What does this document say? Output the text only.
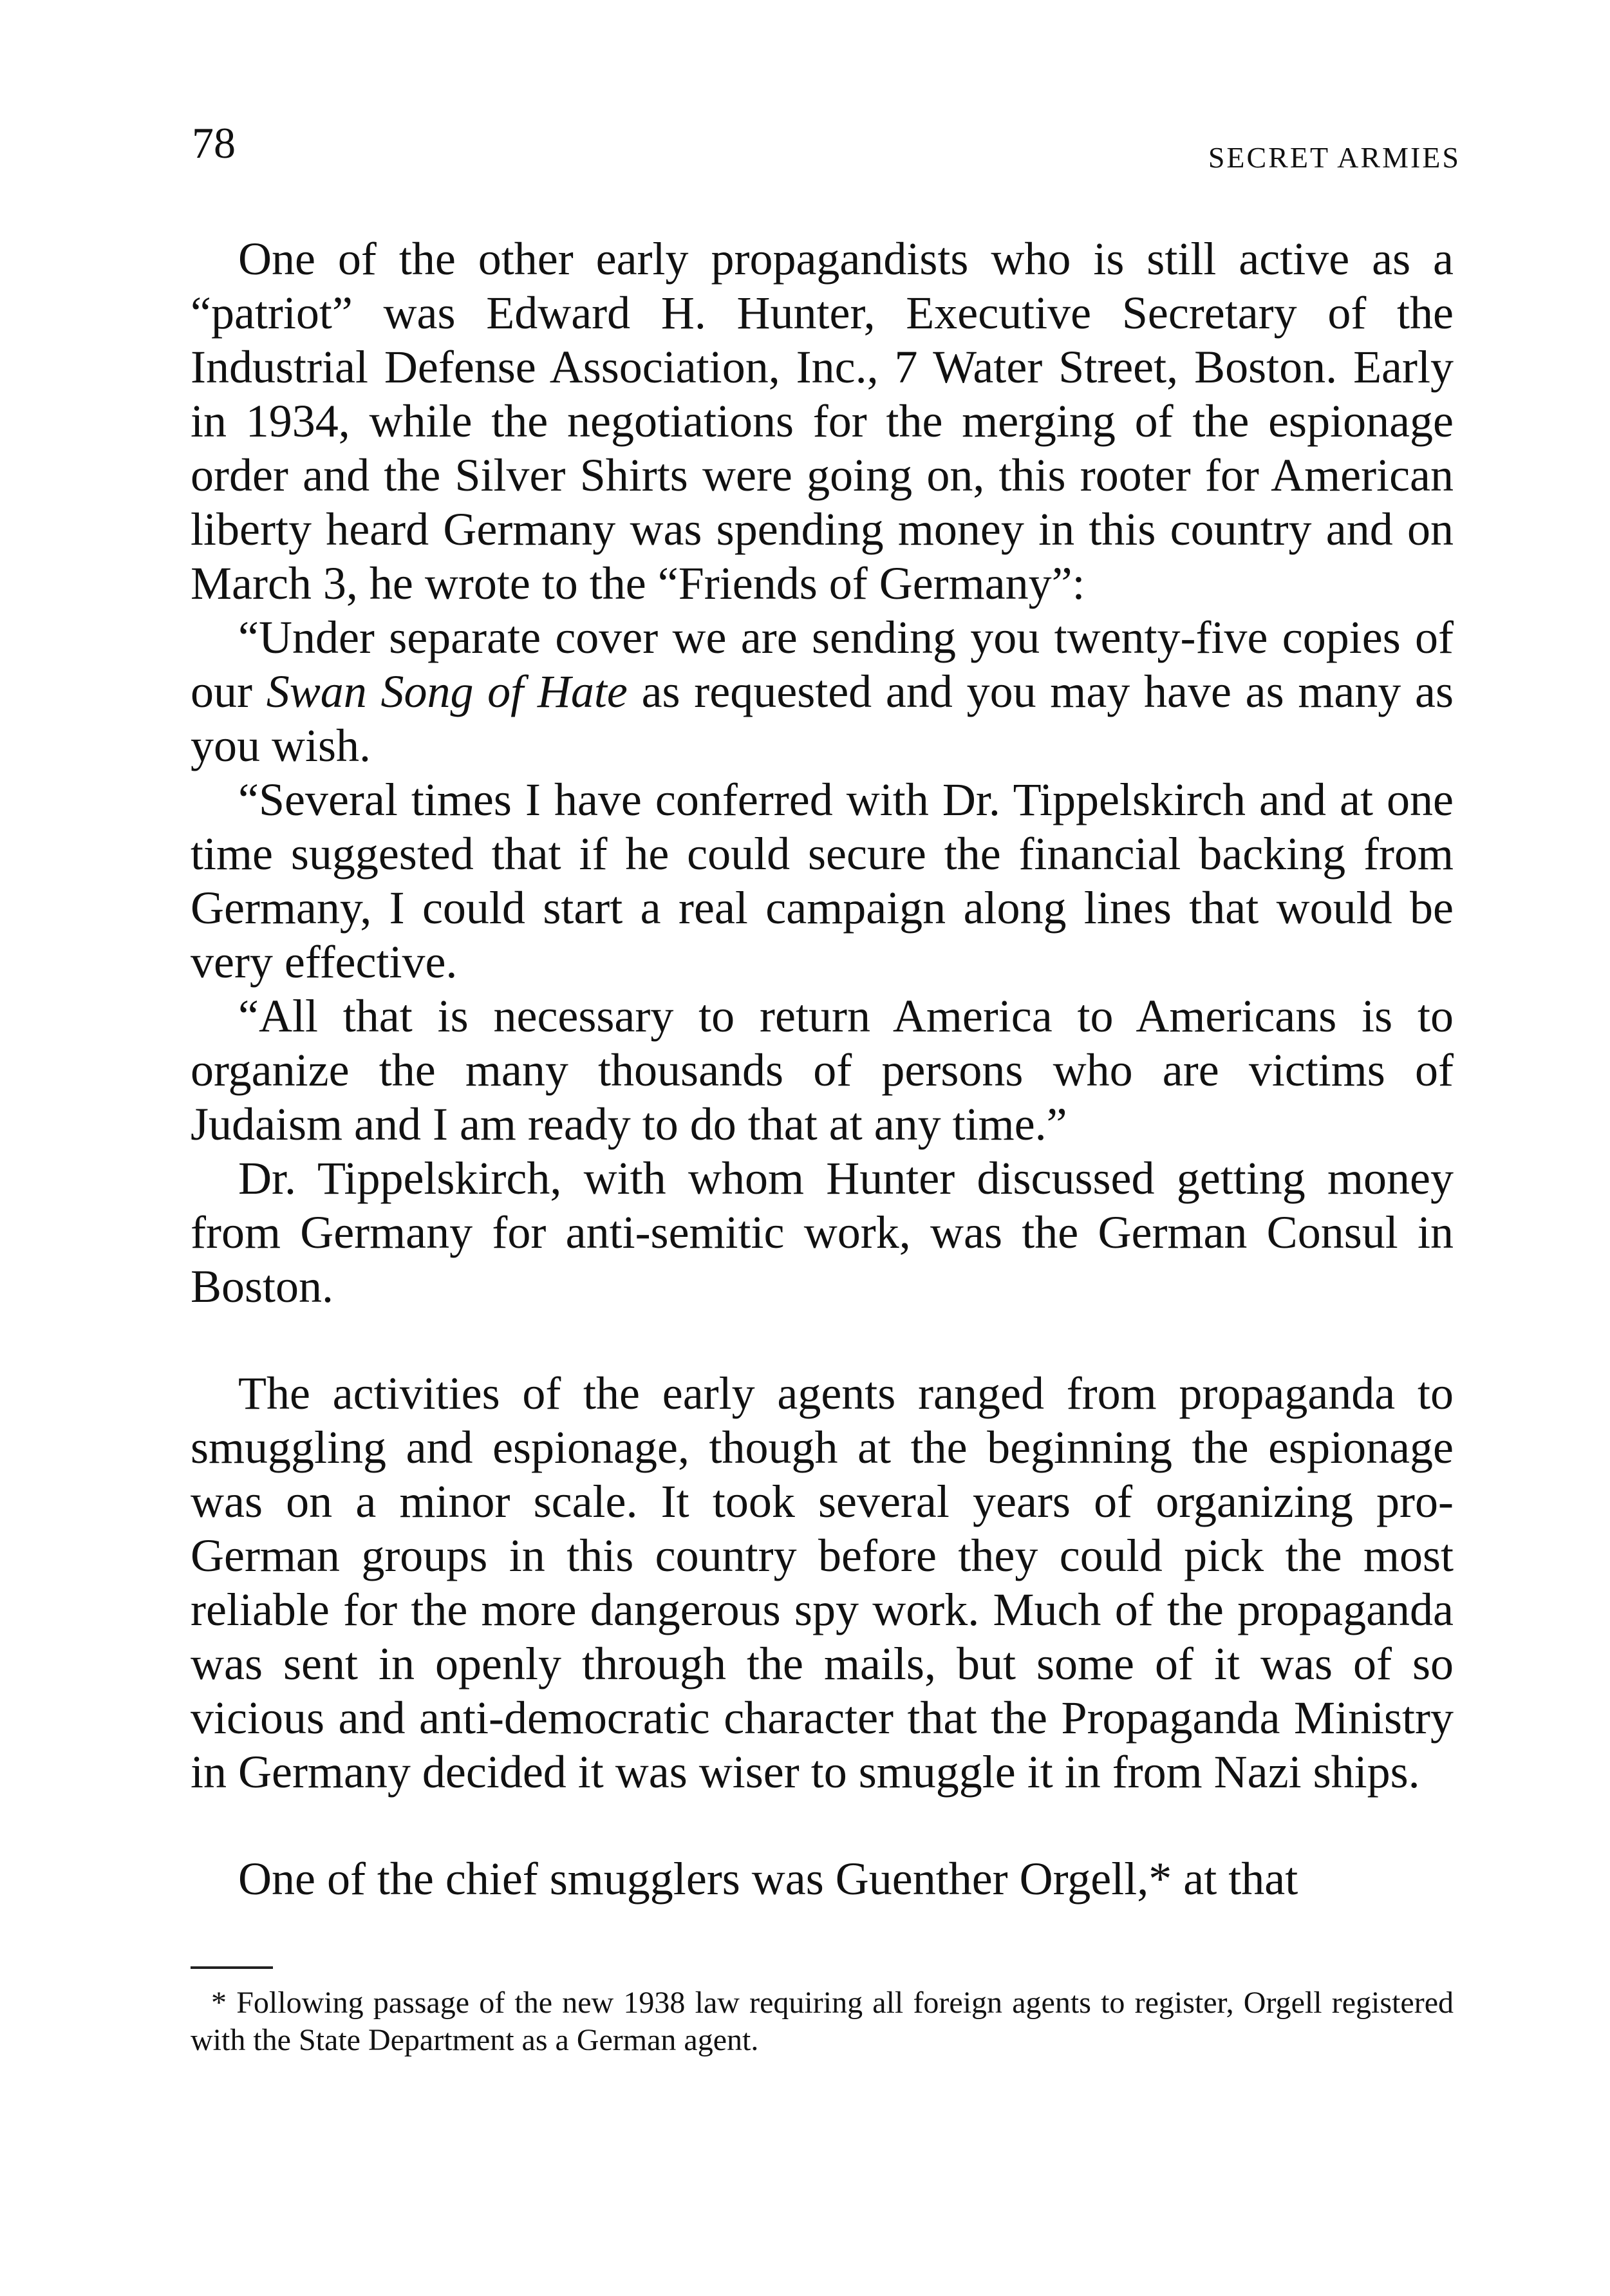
78	SECRET ARMIES

One of the other early propagandists who is still active as a “patriot” was Edward H. Hunter, Executive Secretary of the Industrial Defense Association, Inc., 7 Water Street, Boston. Early in 1934, while the negotiations for the merging of the espionage order and the Silver Shirts were going on, this rooter for American liberty heard Germany was spending money in this country and on March 3, he wrote to the “Friends of Germany”:

“Under separate cover we are sending you twenty-five copies of our Swan Song of Hate as requested and you may have as many as you wish.

“Several times I have conferred with Dr. Tippelskirch and at one time suggested that if he could secure the financial backing from Germany, I could start a real campaign along lines that would be very effective.

“All that is necessary to return America to Americans is to organize the many thousands of persons who are victims of Judaism and I am ready to do that at any time.”

Dr. Tippelskirch, with whom Hunter discussed getting money from Germany for anti-semitic work, was the German Consul in Boston.

The activities of the early agents ranged from propaganda to smuggling and espionage, though at the beginning the espionage was on a minor scale. It took several years of organizing pro-German groups in this country before they could pick the most reliable for the more dangerous spy work. Much of the propaganda was sent in openly through the mails, but some of it was of so vicious and anti-democratic character that the Propaganda Ministry in Germany decided it was wiser to smuggle it in from Nazi ships.

One of the chief smugglers was Guenther Orgell,* at that

* Following passage of the new 1938 law requiring all foreign agents to register, Orgell registered with the State Department as a German agent.
